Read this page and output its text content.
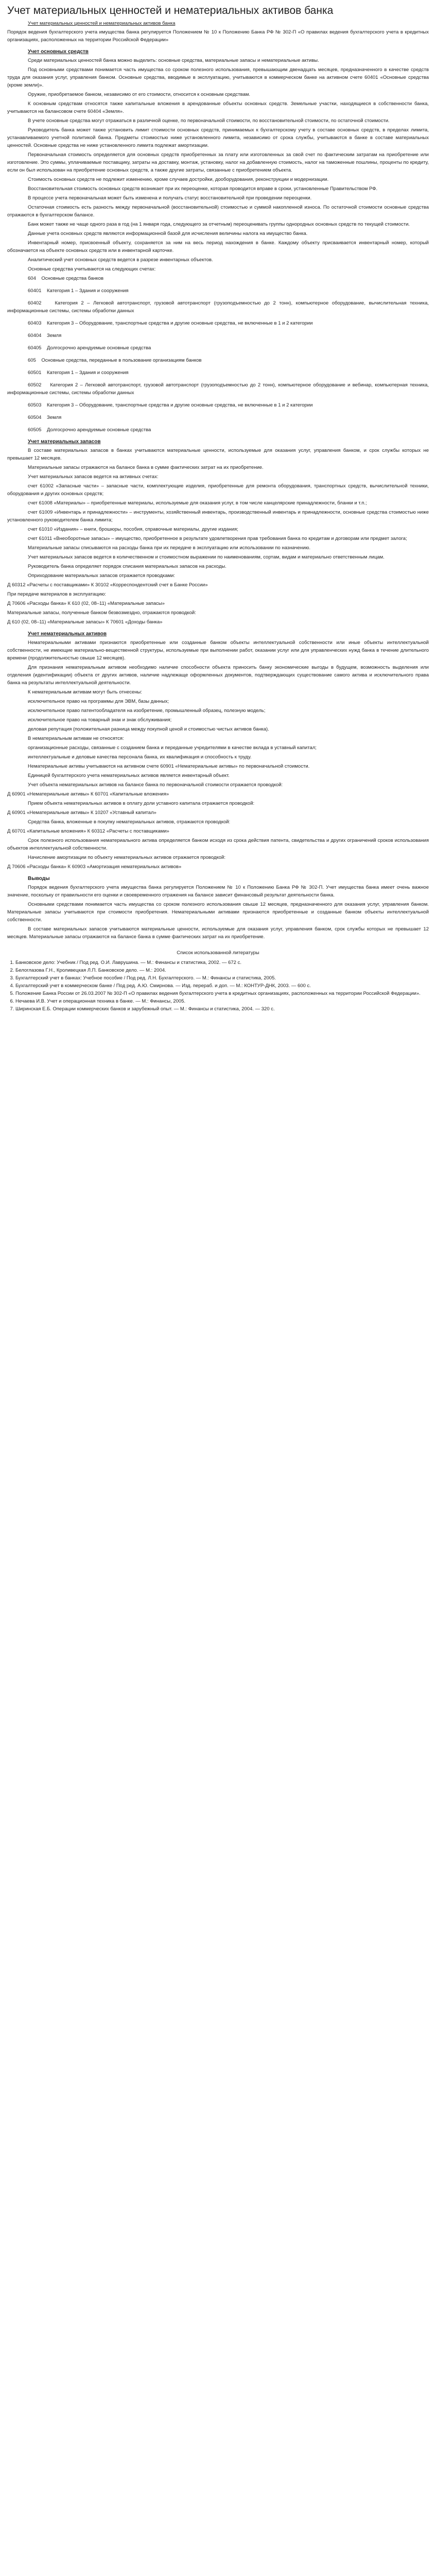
Учет материальных ценностей и нематериальных активов банка
Учет материальных ценностей и нематериальных активов банка

Порядок ведения бухгалтерского учета имущества банка регулируется Положением № 10 к Положению Банка РФ № 302-П «О правилах ведения бухгалтерского учета в кредитных организациях, расположенных на территории Российской Федерации»

Учет основных средств

Среди материальных ценностей банка можно выделить: основные средства, материальные запасы и нематериальные активы.

Под основными средствами понимается часть имущества со сроком полезного использования, превышающим двенадцать месяцев, предназначенного в качестве средств труда для оказания услуг, управления банком. Основные средства, вводимые в эксплуатацию, учитываются в коммерческом банке на активном счете 60401 «Основные средства (кроме земли)».

Оружие, приобретаемое банком, независимо от его стоимости, относится к основным средствам.

К основным средствам относятся также капитальные вложения в арендованные объекты основных средств. Земельные участки, находящиеся в собственности банка, учитываются на балансовом счете 60404 «Земля».

В учете основные средства могут отражаться в различной оценке, по первоначальной стоимости, по восстановительной стоимости, по остаточной стоимости.

Руководитель банка может также установить лимит стоимости основных средств, принимаемых к бухгалтерскому учету в составе основных средств, в пределах лимита, устанавливаемого учетной политикой банка. Предметы стоимостью ниже установленного лимита, независимо от срока службы, учитываются в банке в составе материальных ценностей. Основные средства не ниже установленного лимита подлежат амортизации.

Первоначальная стоимость определяется для основных средств приобретенных за плату или изготовленных за свой счет по фактическим затратам на приобретение или изготовление. Это суммы, уплачиваемые поставщику, затраты на доставку, монтаж, установку, налог на добавленную стоимость, налог на таможенные пошлины, проценты по кредиту, если он был использован на приобретение основных средств, а также другие затраты, связанные с приобретением объекта.

Стоимость основных средств не подлежит изменению, кроме случаев достройки, дооборудования, реконструкции и модернизации.

Восстановительная стоимость основных средств возникает при их переоценке, которая проводится вправе в сроки, установленные Правительством РФ.

В процессе учета первоначальная может быть изменена и получать статус восстановительной при проведении переоценки.

Остаточная стоимость есть разность между первоначальной (восстановительной) стоимостью и суммой накопленной износа. По остаточной стоимости основные средства отражаются в бухгалтерском балансе.

Банк может также не чаще одного раза в год (на 1 января года, следующего за отчетным) переоценивать группы однородных основных средств по текущей стоимости.

Данные учета основных средств являются информационной базой для исчисления величины налога на имущество банка.

Инвентарный номер, присвоенный объекту, сохраняется за ним на весь период нахождения в банке. Каждому объекту присваивается инвентарный номер, который обозначается на объекте основных средств или в инвентарной карточке.

Аналитический учет основных средств ведется в разрезе инвентарных объектов.

Основные средства учитываются на следующих счетах:

604 Основные средства банков

60401 Категория 1 – Здания и сооружения

60402	Категория 2 – Легковой автотранспорт, грузовой автотранспорт (грузоподъемностью до 2 тонн), компьютерное оборудование, вычислительная техника, информационные системы, системы обработки данных

60403 Категория 3 – Оборудование, транспортные средства и другие основные средства, не включенные в 1 и 2 категории

60404 Земля

60405 Долгосрочно арендуемые основные средства

605 Основные средства, переданные в пользование организациям банков

60501 Категория 1 – Здания и сооружения

60502 Категория 2 – Легковой автотранспорт, грузовой автотранспорт (грузоподъемностью до 2 тонн), компьютерное оборудование и вебинар, компьютерная техника, информационные системы, системы обработки данных

60503 Категория 3 – Оборудование, транспортные средства и другие основные средства, не включенные в 1 и 2 категории

60504 Земля

60505 Долгосрочно арендуемые основные средства

Учет материальных запасов

В составе материальных запасов в банках учитываются материальные ценности, используемые для оказания услуг, управления банком, и срок службы которых не превышает 12 месяцев.

Материальные запасы отражаются на балансе банка в сумме фактических затрат на их приобретение.

Учет материальных запасов ведется на активных счетах:

счет 61002 «Запасные части» – запасные части, комплектующие изделия, приобретенные для ремонта оборудования, транспортных средств, вычислительной техники, оборудования и других основных средств;

счет 61008 «Материалы» – приобретенные материалы, используемые для оказания услуг, в том числе канцелярские принадлежности, бланки и т.п.;

счет 61009 «Инвентарь и принадлежности» – инструменты, хозяйственный инвентарь, производственный инвентарь и принадлежности, основные средства стоимостью ниже установленного руководителем банка лимита;

счет 61010 «Издания» – книги, брошюры, пособия, справочные материалы, другие издания;

счет 61011 «Внеоборотные запасы» – имущество, приобретенное в результате удовлетворения прав требования банка по кредитам и договорам или предмет залога;

Материальные запасы списываются на расходы банка при их передаче в эксплуатацию или использовании по назначению.

Учет материальных запасов ведется в количественном и стоимостном выражении по наименованиям, сортам, видам и материально ответственным лицам.

Руководитель банка определяет порядок списания материальных запасов на расходы.

Оприходование материальных запасов отражается проводками:

Д 60312 «Расчеты с поставщиками» К 30102 «Корреспондентский счет в Банке России»

При передаче материалов в эксплуатацию:

Д 70606 «Расходы банка» К 610 (02, 08–11) «Материальные запасы»

Материальные запасы, полученные банком безвозмездно, отражаются проводкой:

Д 610 (02, 08–11) «Материальные запасы» К 70601 «Доходы банка»

Учет нематериальных активов

Нематериальными активами признаются приобретенные или созданные банком объекты интеллектуальной собственности или иные объекты интеллектуальной собственности, не имеющие материально-вещественной структуры, используемые при выполнении работ, оказании услуг или для управленческих нужд банка в течение длительного времени (продолжительностью свыше 12 месяцев).

Для признания нематериальным активом необходимо наличие способности объекта приносить банку экономические выгоды в будущем, возможность выделения или отделения (идентификации) объекта от других активов, наличие надлежаще оформленных документов, подтверждающих существование самого актива и исключительного права банка на результаты интеллектуальной деятельности.

К нематериальным активам могут быть отнесены:

исключительное право на программы для ЭВМ, базы данных;

исключительное право патентообладателя на изобретение, промышленный образец, полезную модель;

исключительное право на товарный знак и знак обслуживания;

деловая репутация (положительная разница между покупной ценой и стоимостью чистых активов банка).

В нематериальным активам не относятся:

организационные расходы, связанные с созданием банка и переданные учредителями в качестве вклада в уставный капитал;

интеллектуальные и деловые качества персонала банка, их квалификация и способность к труду.

Нематериальные активы учитываются на активном счете 60901 «Нематериальные активы» по первоначальной стоимости.

Единицей бухгалтерского учета нематериальных активов является инвентарный объект.

Учет объекта нематериальных активов на балансе банка по первоначальной стоимости отражается проводкой:

Д 60901 «Нематериальные активы» К 60701 «Капитальные вложения»

Прием объекта нематериальных активов в оплату доли уставного капитала отражается проводкой:

Д 60901 «Нематериальные активы» К 10207 «Уставный капитал»

Средства банка, вложенные в покупку нематериальных активов, отражаются проводкой:

Д 60701 «Капитальные вложения» К 60312 «Расчеты с поставщиками»

Срок полезного использования нематериального актива определяется банком исходя из срока действия патента, свидетельства и других ограничений сроков использования объектов интеллектуальной собственности.

Начисление амортизации по объекту нематериальных активов отражается проводкой:

Д 70606 «Расходы банка» К 60903 «Амортизация нематериальных активов»

Выводы

Порядок ведения бухгалтерского учета имущества банка регулируется Положением № 10 к Положению Банка РФ № 302-П. Учет имущества банка имеет очень важное значение, поскольку от правильности его оценки и своевременного отражения на балансе зависит финансовый результат деятельности банка.

Основными средствами понимается часть имущества со сроком полезного использования свыше 12 месяцев, предназначенного для оказания услуг, управления банком. Материальные запасы учитываются при стоимости приобретения. Нематериальными активами признаются приобретенные и созданные банком объекты интеллектуальной собственности.

В составе материальных запасов учитываются материальные ценности, используемые для оказания услуг, управления банком, срок службы которых не превышает 12 месяцев. Материальные запасы отражаются на балансе банка в сумме фактических затрат на их приобретение.

Список использованной литературы
1. Банковское дело: Учебник / Под ред. О.И. Лаврушина. — М.: Финансы и статистика, 2002. — 672 с.
2. Белоглазова Г.Н., Кроливецкая Л.П. Банковское дело. — М.: 2004.
3. Бухгалтерский учет в банках: Учебное пособие / Под ред. Л.Н. Бухгалтерского. — М.: Финансы и статистика, 2005.
4. Бухгалтерский учет в коммерческом банке / Под ред. А.Ю. Смирнова. — Изд. перераб. и доп. — М.: КОНТУР-ДНК, 2003. — 600 с.
5. Положение Банка России от 26.03.2007 № 302-П «О правилах ведения бухгалтерского учета в кредитных организациях, расположенных на территории Российской Федерации».
6. Нечаева И.В. Учет и операционная техника в банке. — М.: Финансы, 2005.
7. Ширинская Е.Б. Операции коммерческих банков и зарубежный опыт. — М.: Финансы и статистика, 2004. — 320 с.
